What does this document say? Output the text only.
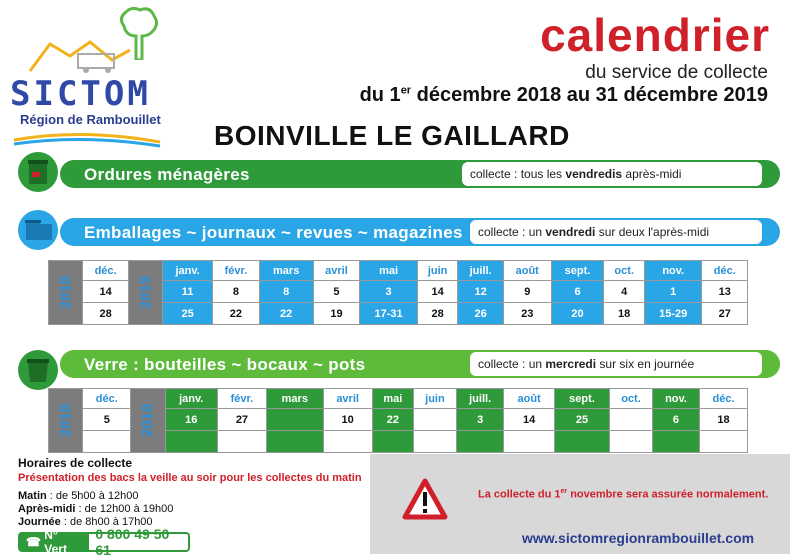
SICTOM
Région de Rambouillet
calendrier
du service de collecte
du 1er décembre 2018 au 31 décembre 2019
BOINVILLE LE GAILLARD
Ordures ménagères	collecte : tous les vendredis après-midi
Emballages ~ journaux ~ revues ~ magazines	collecte : un vendredi sur deux l'après-midi
2018	déc.	2019	janv.	févr.	mars	avril	mai	juin	juill.	août	sept.	oct.	nov.	déc.
	14		11	8	8	5	3	14	12	9	6	4	1	13
	28		25	22	22	19	17-31	28	26	23	20	18	15-29	27
Verre : bouteilles ~ bocaux ~ pots	collecte : un mercredi sur six en journée
2018	déc.	2019	janv.	févr.	mars	avril	mai	juin	juill.	août	sept.	oct.	nov.	déc.
	5		16	27		10	22		3	14	25		6	18

Horaires de collecte
Présentation des bacs la veille au soir pour les collectes du matin
Matin : de 5h00 à 12h00
Après-midi : de 12h00 à 19h00
Journée : de 8h00 à 17h00
☎ N° Vert
0 800 49 50 61
La collecte du 1er novembre sera assurée normalement.
www.sictomregionrambouillet.com
